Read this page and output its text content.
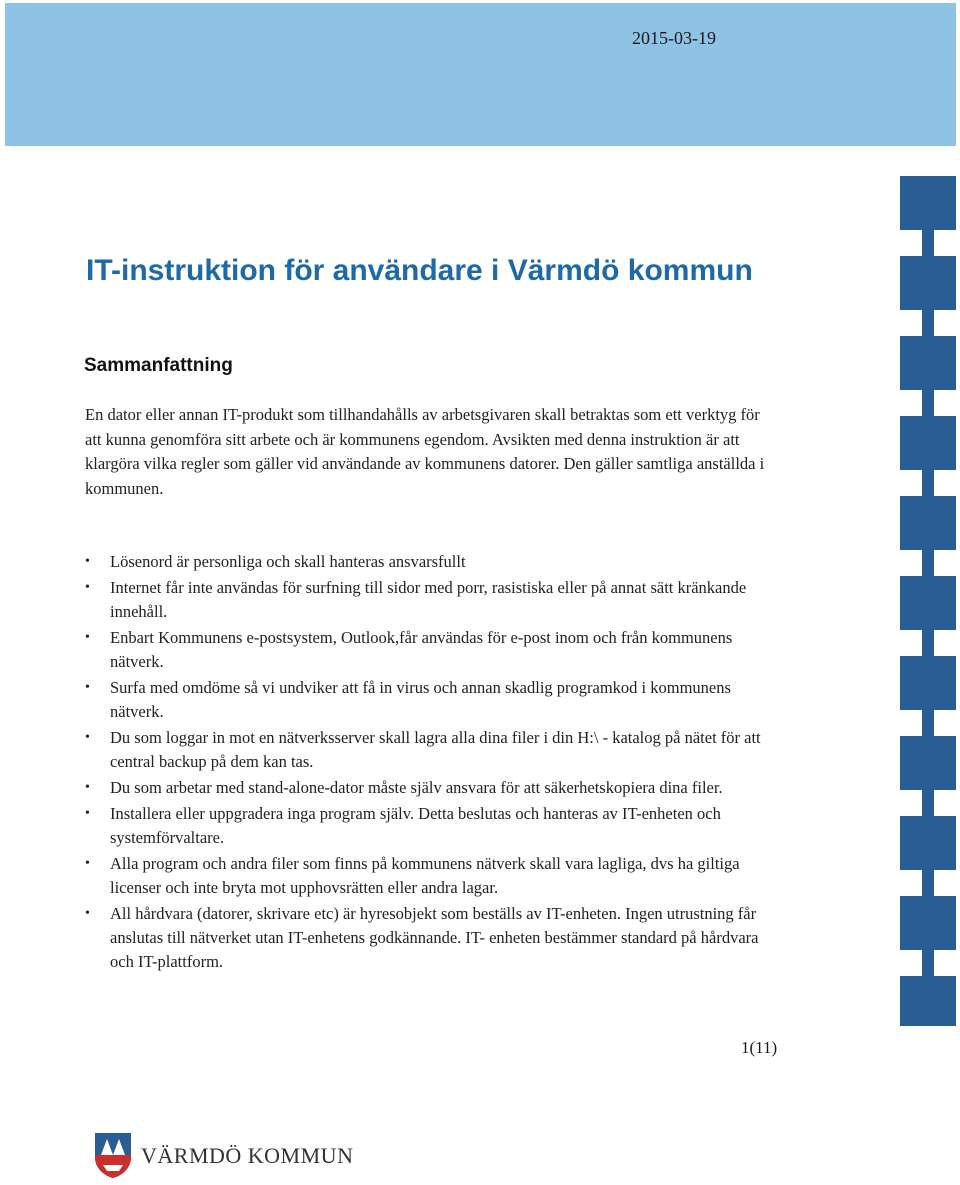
2015-03-19
IT-instruktion för användare i Värmdö kommun
Sammanfattning

En dator eller annan IT-produkt som tillhandahålls av arbetsgivaren skall betraktas som ett verktyg för att kunna genomföra sitt arbete och är kommunens egendom. Avsikten med denna instruktion är att klargöra vilka regler som gäller vid användande av kommunens datorer. Den gäller samtliga anställda i kommunen.

• Lösenord är personliga och skall hanteras ansvarsfullt
• Internet får inte användas för surfning till sidor med porr, rasistiska eller på annat sätt kränkande innehåll.
• Enbart Kommunens e-postsystem, Outlook,får användas för e-post inom och från kommunens nätverk.
• Surfa med omdöme så vi undviker att få in virus och annan skadlig programkod i kommunens nätverk.
• Du som loggar in mot en nätverksserver skall lagra alla dina filer i din H:\ - katalog på nätet för att central backup på dem kan tas.
• Du som arbetar med stand-alone-dator måste själv ansvara för att säkerhetskopiera dina filer.
• Installera eller uppgradera inga program själv. Detta beslutas och hanteras av IT-enheten och systemförvaltare.
• Alla program och andra filer som finns på kommunens nätverk skall vara lagliga, dvs ha giltiga licenser och inte bryta mot upphovsrätten eller andra lagar.
• All hårdvara (datorer, skrivare etc) är hyresobjekt som beställs av IT-enheten. Ingen utrustning får anslutas till nätverket utan IT-enhetens godkännande. IT- enheten bestämmer standard på hårdvara och IT-plattform.
1(11)
VÄRMDÖ KOMMUN
